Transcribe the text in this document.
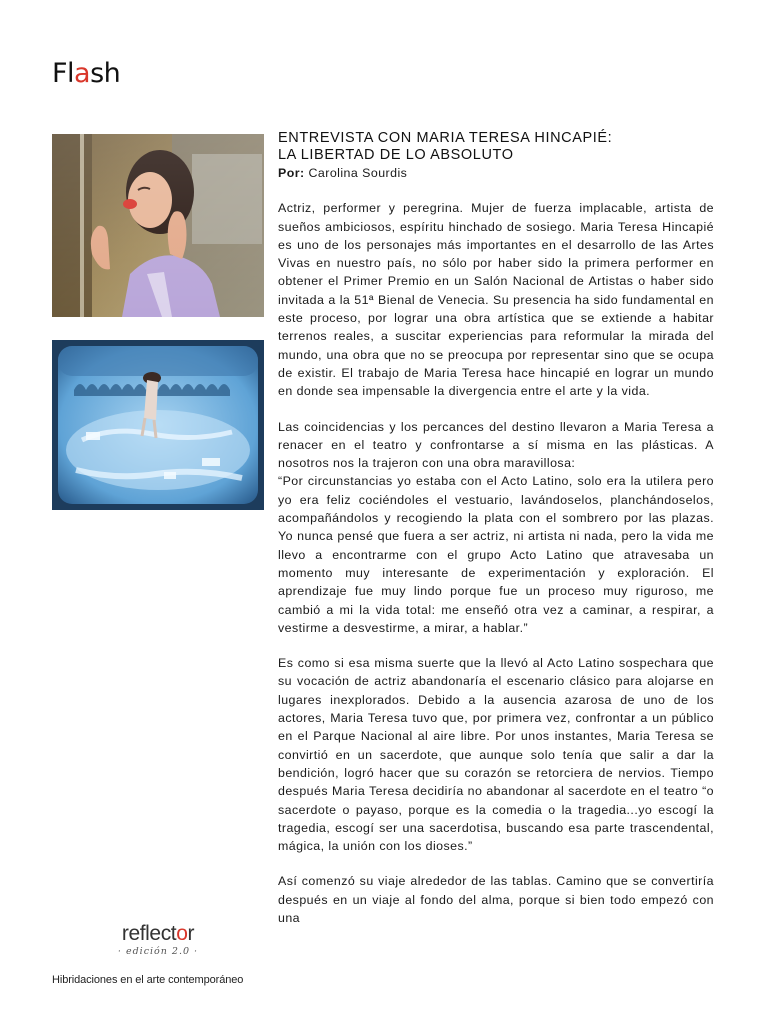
Flash
ENTREVISTA CON MARIA TERESA HINCAPIÉ:
LA LIBERTAD DE LO ABSOLUTO

Por: Carolina Sourdis

Actriz, performer y peregrina. Mujer de fuerza implacable, artista de sueños ambiciosos, espíritu hinchado de sosiego. Maria Teresa Hincapié es uno de los personajes más importantes en el desarrollo de las Artes Vivas en nuestro país, no sólo por haber sido la primera performer en obtener el Primer Premio en un Salón Nacional de Artistas o haber sido invitada a la 51ª Bienal de Venecia. Su presencia ha sido fundamental en este proceso, por lograr una obra artística que se extiende a habitar terrenos reales, a suscitar experiencias para reformular la mirada del mundo, una obra que no se preocupa por representar sino que se ocupa de existir. El trabajo de Maria Teresa hace hincapié en lograr un mundo en donde sea impensable la divergencia entre el arte y la vida.

Las coincidencias y los percances del destino llevaron a Maria Teresa a renacer en el teatro y confrontarse a sí misma en las plásticas. A nosotros nos la trajeron con una obra maravillosa:

“Por circunstancias yo estaba con el Acto Latino, solo era la utilera pero yo era feliz cociéndoles el vestuario, lavándoselos, planchándoselos, acompañándolos y recogiendo la plata con el sombrero por las plazas. Yo nunca pensé que fuera a ser actriz, ni artista ni nada, pero la vida me llevo a encontrarme con el grupo Acto Latino que atravesaba un momento muy interesante de experimentación y exploración. El aprendizaje fue muy lindo porque fue un proceso muy riguroso, me cambió a mi la vida total: me enseñó otra vez a caminar, a respirar, a vestirme a desvestirme, a mirar, a hablar.”

Es como si esa misma suerte que la llevó al Acto Latino sospechara que su vocación de actriz abandonaría el escenario clásico para alojarse en lugares inexplorados. Debido a la ausencia azarosa de uno de los actores, Maria Teresa tuvo que, por primera vez, confrontar a un público en el Parque Nacional al aire libre. Por unos instantes, Maria Teresa se convirtió en un sacerdote, que aunque solo tenía que salir a dar la bendición, logró hacer que su corazón se retorciera de nervios. Tiempo después Maria Teresa decidiría no abandonar al sacerdote en el teatro “o sacerdote o payaso, porque es la comedia o la tragedia...yo escogí la tragedia, escogí ser una sacerdotisa, buscando esa parte trascendental, mágica, la unión con los dioses.”

Así comenzó su viaje alrededor de las tablas. Camino que se convertiría después en un viaje al fondo del alma, porque si bien todo empezó con una

reflector
· edición 2.0 ·

Hibridaciones en el arte contemporáneo
